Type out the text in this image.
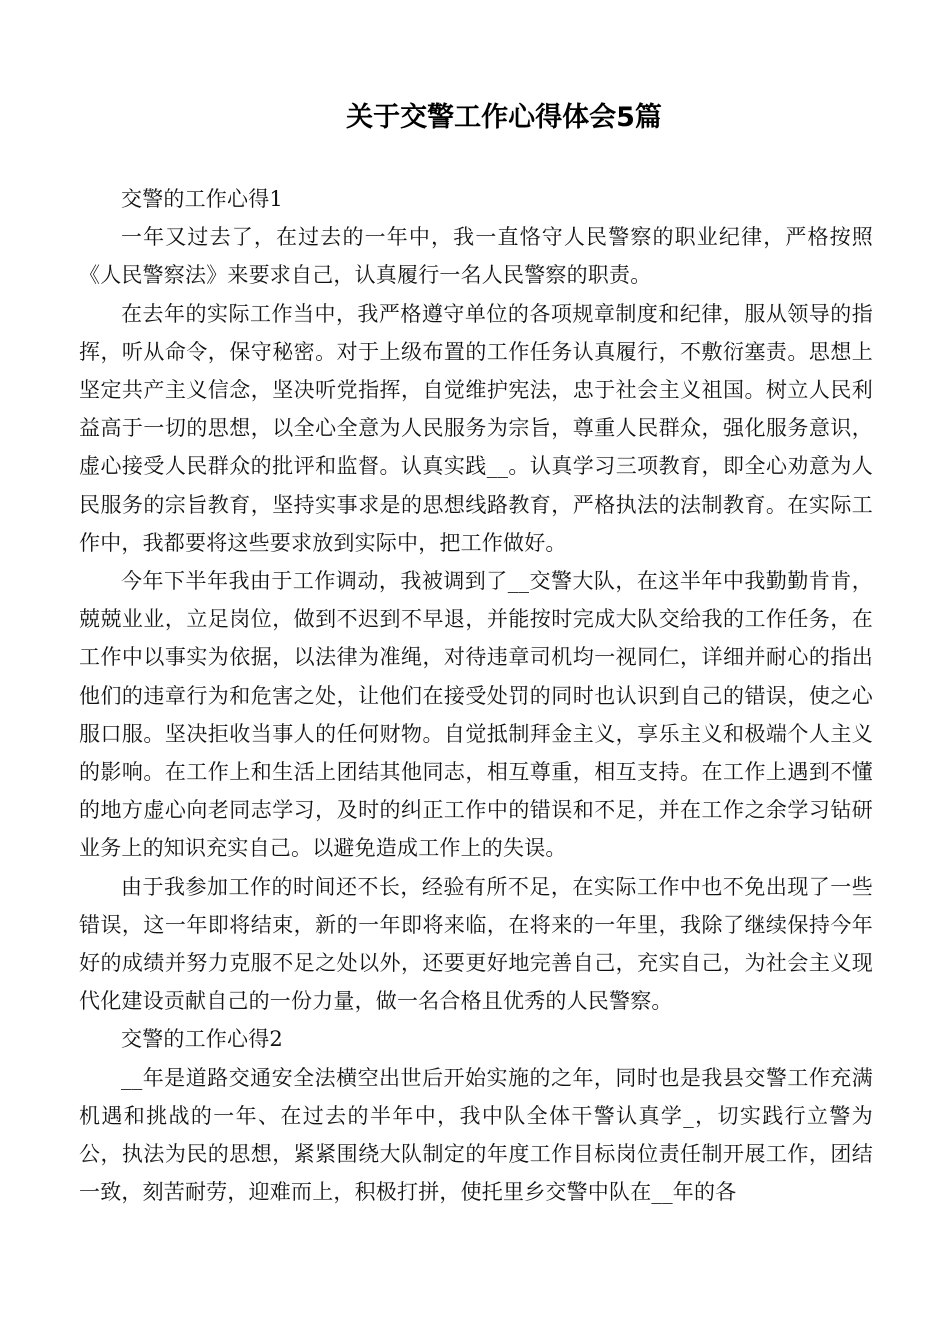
关于交警工作心得体会5篇

交警的工作心得1

一年又过去了，在过去的一年中，我一直恪守人民警察的职业纪律，严格按照《人民警察法》来要求自己，认真履行一名人民警察的职责。

在去年的实际工作当中，我严格遵守单位的各项规章制度和纪律，服从领导的指挥，听从命令，保守秘密。对于上级布置的工作任务认真履行，不敷衍塞责。思想上坚定共产主义信念，坚决听党指挥，自觉维护宪法，忠于社会主义祖国。树立人民利益高于一切的思想，以全心全意为人民服务为宗旨，尊重人民群众，强化服务意识，虚心接受人民群众的批评和监督。认真实践__。认真学习三项教育，即全心劝意为人民服务的宗旨教育，坚持实事求是的思想线路教育，严格执法的法制教育。在实际工作中，我都要将这些要求放到实际中，把工作做好。

今年下半年我由于工作调动，我被调到了__交警大队，在这半年中我勤勤肯肯，兢兢业业，立足岗位，做到不迟到不早退，并能按时完成大队交给我的工作任务，在工作中以事实为依据，以法律为准绳，对待违章司机均一视同仁，详细并耐心的指出他们的违章行为和危害之处，让他们在接受处罚的同时也认识到自己的错误，使之心服口服。坚决拒收当事人的任何财物。自觉抵制拜金主义，享乐主义和极端个人主义的影响。在工作上和生活上团结其他同志，相互尊重，相互支持。在工作上遇到不懂的地方虚心向老同志学习，及时的纠正工作中的错误和不足，并在工作之余学习钻研业务上的知识充实自己。以避免造成工作上的失误。

由于我参加工作的时间还不长，经验有所不足，在实际工作中也不免出现了一些错误，这一年即将结束，新的一年即将来临，在将来的一年里，我除了继续保持今年好的成绩并努力克服不足之处以外，还要更好地完善自己，充实自己，为社会主义现代化建设贡献自己的一份力量，做一名合格且优秀的人民警察。

交警的工作心得2

__年是道路交通安全法横空出世后开始实施的之年，同时也是我县交警工作充满机遇和挑战的一年、在过去的半年中，我中队全体干警认真学_，切实践行立警为公，执法为民的思想，紧紧围绕大队制定的年度工作目标岗位责任制开展工作，团结一致，刻苦耐劳，迎难而上，积极打拼，使托里乡交警中队在__年的各
